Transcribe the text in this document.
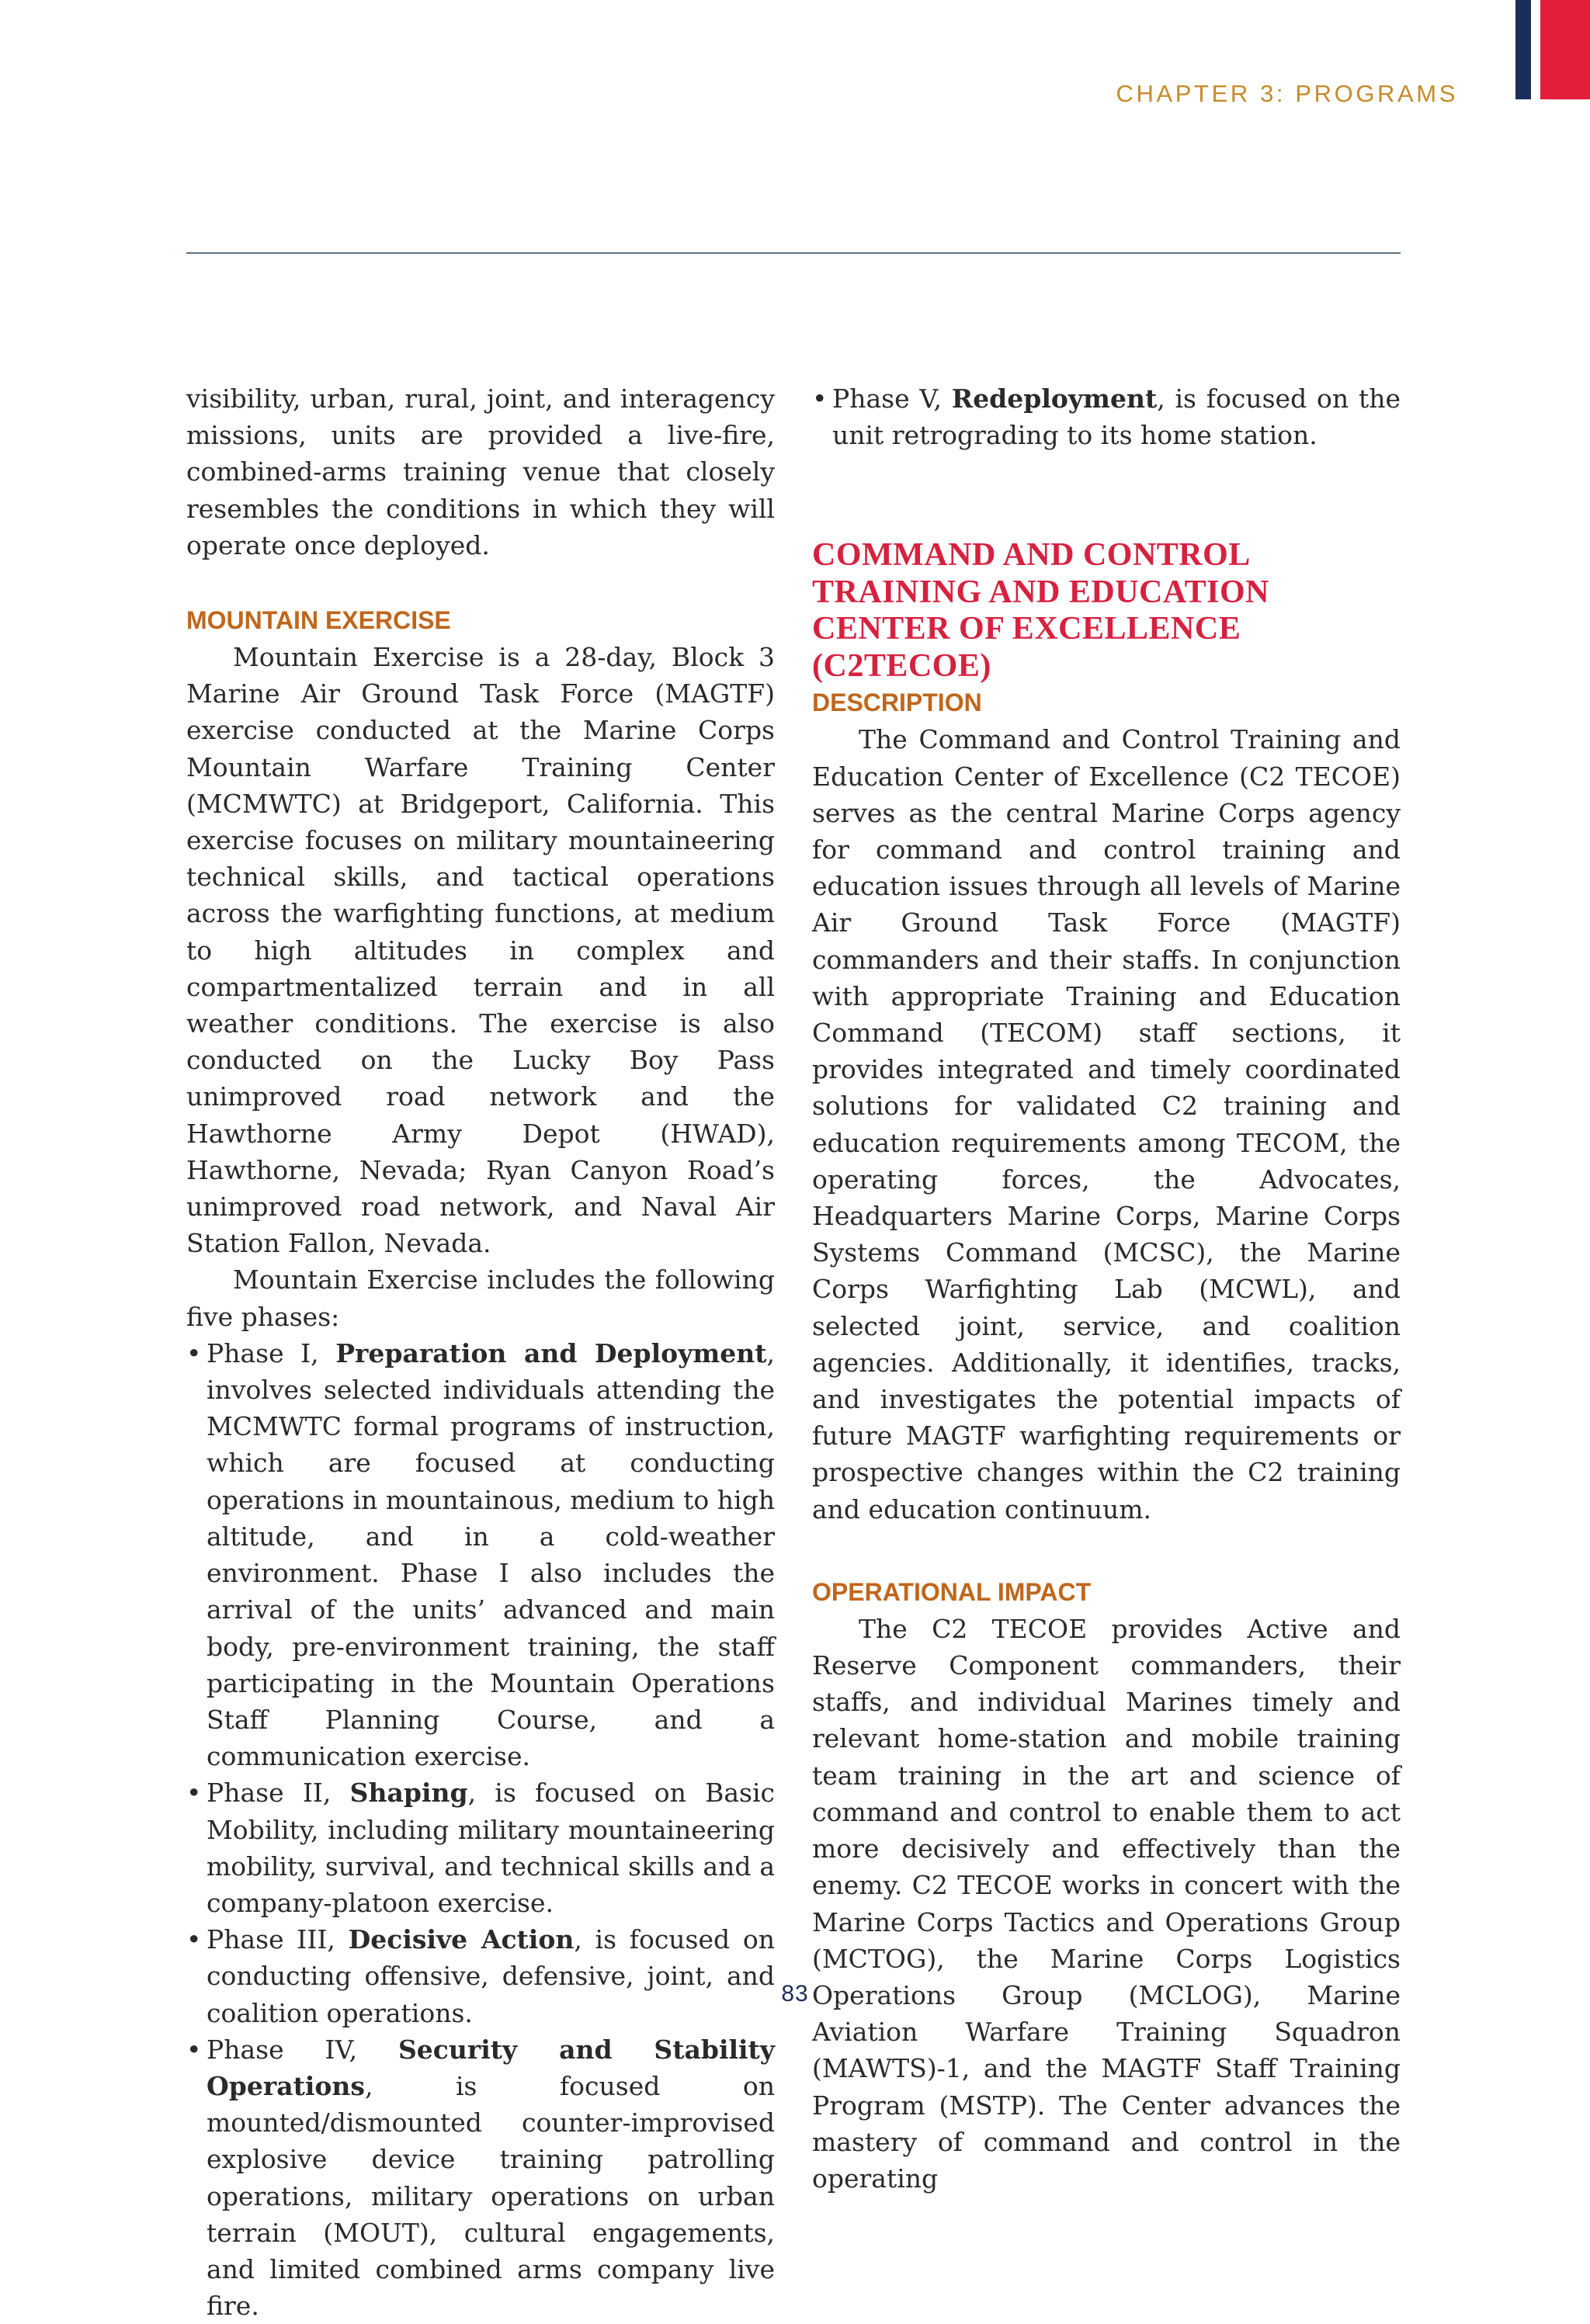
CHAPTER 3: PROGRAMS

visibility, urban, rural, joint, and interagency missions, units are provided a live-fire, combined-arms training venue that closely resembles the conditions in which they will operate once deployed.

MOUNTAIN EXERCISE

Mountain Exercise is a 28-day, Block 3 Marine Air Ground Task Force (MAGTF) exercise conducted at the Marine Corps Mountain Warfare Training Center (MCMWTC) at Bridgeport, California. This exercise focuses on military mountaineering technical skills, and tactical operations across the warfighting functions, at medium to high altitudes in complex and compartmentalized terrain and in all weather conditions. The exercise is also conducted on the Lucky Boy Pass unimproved road network and the Hawthorne Army Depot (HWAD), Hawthorne, Nevada; Ryan Canyon Road’s unimproved road network, and Naval Air Station Fallon, Nevada.

Mountain Exercise includes the following five phases:

• Phase I, Preparation and Deployment, involves selected individuals attending the MCMWTC formal programs of instruction, which are focused at conducting operations in mountainous, medium to high altitude, and in a cold-weather environment. Phase I also includes the arrival of the units’ advanced and main body, pre-environment training, the staff participating in the Mountain Operations Staff Planning Course, and a communication exercise.
• Phase II, Shaping, is focused on Basic Mobility, including military mountaineering mobility, survival, and technical skills and a company-platoon exercise.
• Phase III, Decisive Action, is focused on conducting offensive, defensive, joint, and coalition operations.
• Phase IV, Security and Stability Operations, is focused on mounted/dismounted counter-improvised explosive device training patrolling operations, military operations on urban terrain (MOUT), cultural engagements, and limited combined arms company live fire.
• Phase V, Redeployment, is focused on the unit retrograding to its home station.
COMMAND AND CONTROL
TRAINING AND EDUCATION
CENTER OF EXCELLENCE
(C2TECOE)
DESCRIPTION

The Command and Control Training and Education Center of Excellence (C2 TECOE) serves as the central Marine Corps agency for command and control training and education issues through all levels of Marine Air Ground Task Force (MAGTF) commanders and their staffs. In conjunction with appropriate Training and Education Command (TECOM) staff sections, it provides integrated and timely coordinated solutions for validated C2 training and education requirements among TECOM, the operating forces, the Advocates, Headquarters Marine Corps, Marine Corps Systems Command (MCSC), the Marine Corps Warfighting Lab (MCWL), and selected joint, service, and coalition agencies. Additionally, it identifies, tracks, and investigates the potential impacts of future MAGTF warfighting requirements or prospective changes within the C2 training and education continuum.

OPERATIONAL IMPACT

The C2 TECOE provides Active and Reserve Component commanders, their staffs, and individual Marines timely and relevant home-station and mobile training team training in the art and science of command and control to enable them to act more decisively and effectively than the enemy. C2 TECOE works in concert with the Marine Corps Tactics and Operations Group (MCTOG), the Marine Corps Logistics Operations Group (MCLOG), Marine Aviation Warfare Training Squadron (MAWTS)-1, and the MAGTF Staff Training Program (MSTP). The Center advances the mastery of command and control in the operating

83
